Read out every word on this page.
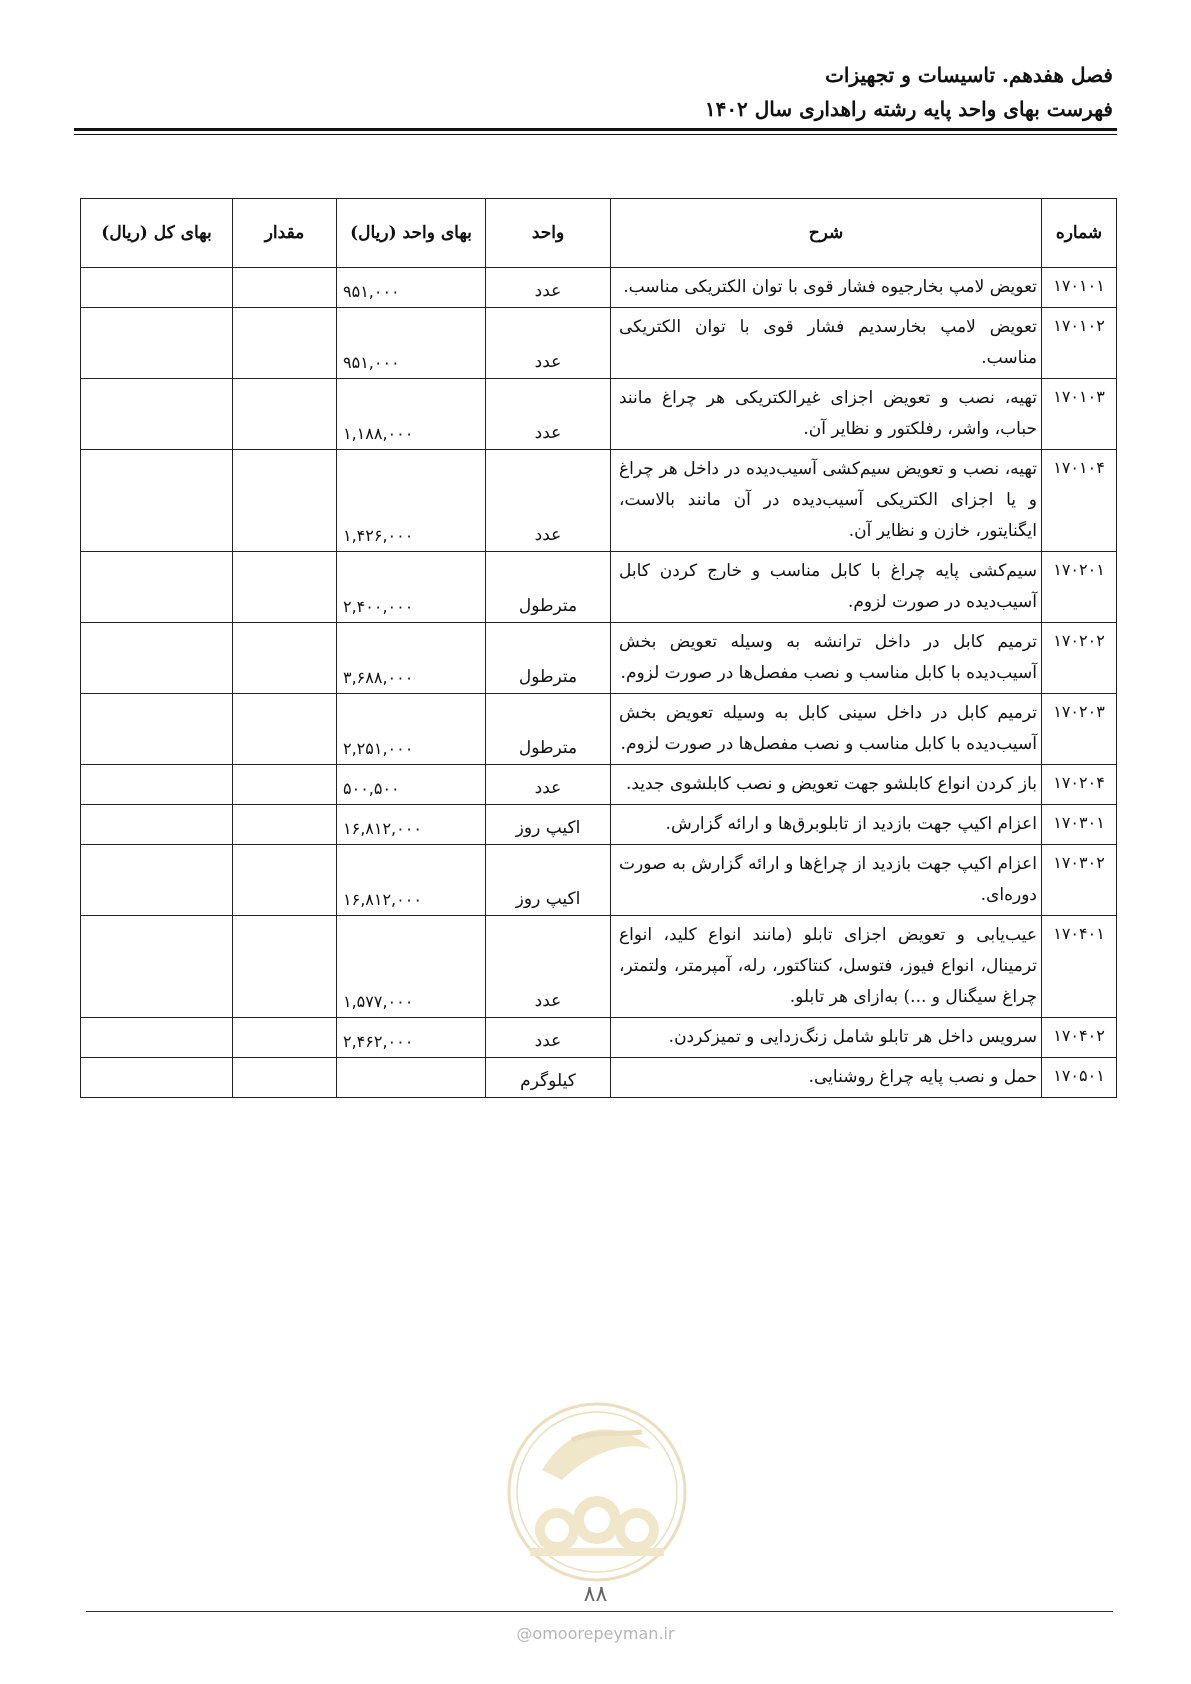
فصل هفدهم. تاسیسات و تجهیزات
فهرست بهای واحد پایه رشته راهداری سال ۱۴۰۲
شماره	شرح	واحد	بهای واحد (ریال)	مقدار	بهای کل (ریال)
۱۷۰۱۰۱	تعویض لامپ بخارجیوه فشار قوی با توان الکتریکی مناسب.	عدد	۹۵۱,۰۰۰		
۱۷۰۱۰۲	تعویض لامپ بخارسدیم فشار قوی با توان الکتریکی مناسب.	عدد	۹۵۱,۰۰۰		
۱۷۰۱۰۳	تهیه، نصب و تعویض اجزای غیرالکتریکی هر چراغ مانند حباب، واشر، رفلکتور و نظایر آن.	عدد	۱,۱۸۸,۰۰۰		
۱۷۰۱۰۴	تهیه، نصب و تعویض سیم‌کشی آسیب‌دیده در داخل هر چراغ و یا اجزای الکتریکی آسیب‌دیده در آن مانند بالاست، ایگنایتور، خازن و نظایر آن.	عدد	۱,۴۲۶,۰۰۰		
۱۷۰۲۰۱	سیم‌کشی پایه چراغ با کابل مناسب و خارج کردن کابل آسیب‌دیده در صورت لزوم.	مترطول	۲,۴۰۰,۰۰۰		
۱۷۰۲۰۲	ترمیم کابل در داخل ترانشه به وسیله تعویض بخش آسیب‌دیده با کابل مناسب و نصب مفصل‌ها در صورت لزوم.	مترطول	۳,۶۸۸,۰۰۰		
۱۷۰۲۰۳	ترمیم کابل در داخل سینی کابل به وسیله تعویض بخش آسیب‌دیده با کابل مناسب و نصب مفصل‌ها در صورت لزوم.	مترطول	۲,۲۵۱,۰۰۰		
۱۷۰۲۰۴	باز کردن انواع کابلشو جهت تعویض و نصب کابلشوی جدید.	عدد	۵۰۰,۵۰۰		
۱۷۰۳۰۱	اعزام اکیپ جهت بازدید از تابلوبرق‌ها و ارائه گزارش.	اکیپ روز	۱۶,۸۱۲,۰۰۰		
۱۷۰۳۰۲	اعزام اکیپ جهت بازدید از چراغ‌ها و ارائه گزارش به صورت دوره‌ای.	اکیپ روز	۱۶,۸۱۲,۰۰۰		
۱۷۰۴۰۱	عیب‌یابی و تعویض اجزای تابلو (مانند انواع کلید، انواع ترمینال، انواع فیوز، فتوسل، کنتاکتور، رله، آمپرمتر، ولتمتر، چراغ سیگنال و ...) به‌ازای هر تابلو.	عدد	۱,۵۷۷,۰۰۰		
۱۷۰۴۰۲	سرویس داخل هر تابلو شامل زنگ‌زدایی و تمیزکردن.	عدد	۲,۴۶۲,۰۰۰		
۱۷۰۵۰۱	حمل و نصب پایه چراغ روشنایی.	کیلوگرم			
۸۸
@omoorepeyman.ir
